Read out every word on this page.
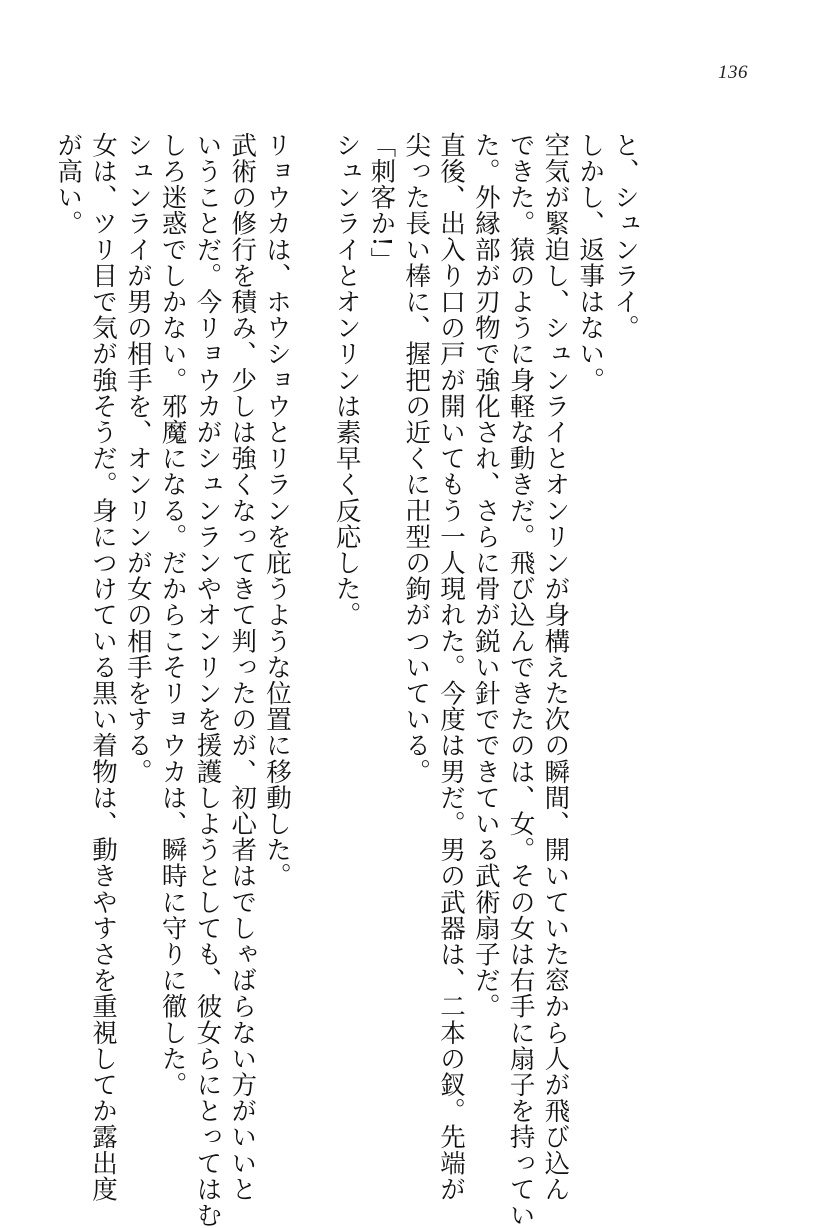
136
と、シュンライ。
しかし、返事はない。
空気が緊迫し、シュンライとオンリンが身構えた次の瞬間、開いていた窓から人が飛び込ん
できた。猿のように身軽な動きだ。飛び込んできたのは、女。その女は右手に扇子を持ってい
た。外縁部が刃物で強化され、さらに骨が鋭い針でできている武術扇子だ。
直後、出入り口の戸が開いてもう一人現れた。今度は男だ。男の武器は、二本の釵。先端が
尖った長い棒に、握把の近くに卍型の鉤がついている。
「刺客か!」
シュンライとオンリンは素早く反応した。
リョウカは、ホウショウとリランを庇うような位置に移動した。
武術の修行を積み、少しは強くなってきて判ったのが、初心者はでしゃばらない方がいいと
いうことだ。今リョウカがシュンランやオンリンを援護しようとしても、彼女らにとってはむ
しろ迷惑でしかない。邪魔になる。だからこそリョウカは、瞬時に守りに徹した。
シュンライが男の相手を、オンリンが女の相手をする。
女は、ツリ目で気が強そうだ。身につけている黒い着物は、動きやすさを重視してか露出度
が高い。
